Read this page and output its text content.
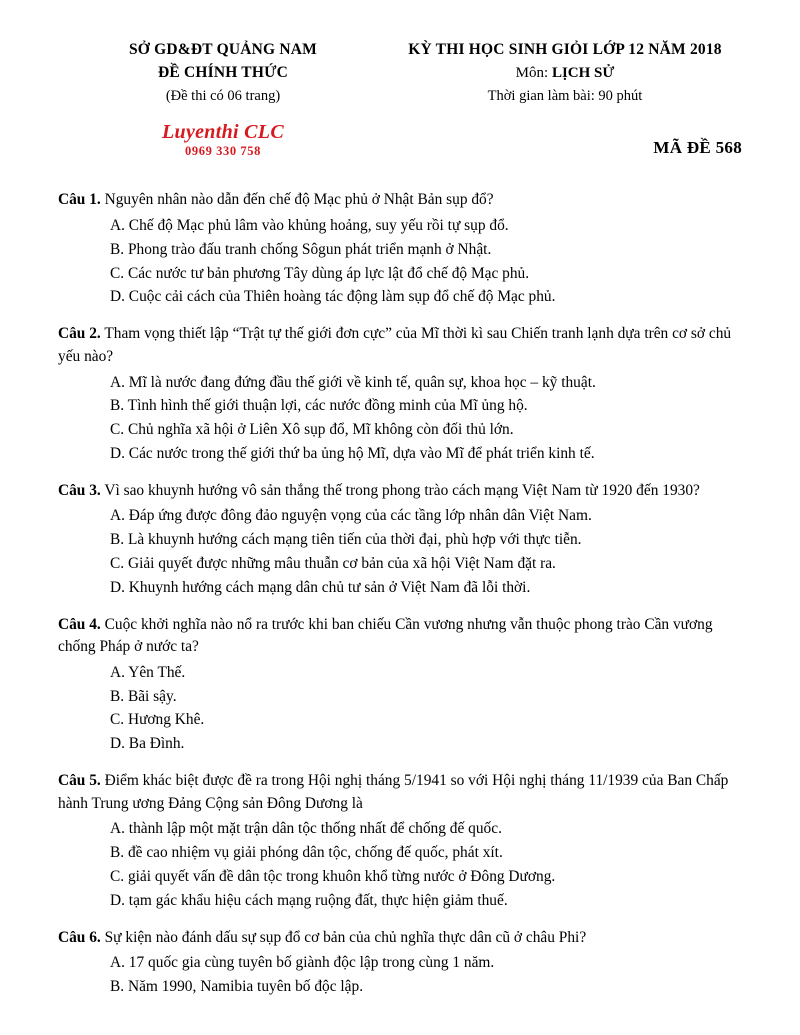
SỞ GD&ĐT QUẢNG NAM
ĐỀ CHÍNH THỨC
(Đề thi có 06 trang)
KỲ THI HỌC SINH GIỎI LỚP 12 NĂM 2018
Môn: LỊCH SỬ
Thời gian làm bài: 90 phút
Luyenthi CLC
0969 330 758	MÃ ĐỀ 568

Câu 1. Nguyên nhân nào dẫn đến chế độ Mạc phủ ở Nhật Bản sụp đổ?

A. Chế độ Mạc phủ lâm vào khủng hoảng, suy yếu rồi tự sụp đổ.

B. Phong trào đấu tranh chống Sôgun phát triển mạnh ở Nhật.

C. Các nước tư bản phương Tây dùng áp lực lật đổ chế độ Mạc phủ.

D. Cuộc cải cách của Thiên hoàng tác động làm sụp đổ chế độ Mạc phủ.

Câu 2. Tham vọng thiết lập “Trật tự thế giới đơn cực” của Mĩ thời kì sau Chiến tranh lạnh dựa trên cơ sở chủ yếu nào?

A. Mĩ là nước đang đứng đầu thế giới về kinh tế, quân sự, khoa học – kỹ thuật.

B. Tình hình thế giới thuận lợi, các nước đồng minh của Mĩ ủng hộ.

C. Chủ nghĩa xã hội ở Liên Xô sụp đổ, Mĩ không còn đối thủ lớn.

D. Các nước trong thế giới thứ ba ủng hộ Mĩ, dựa vào Mĩ để phát triển kinh tế.

Câu 3. Vì sao khuynh hướng vô sản thắng thế trong phong trào cách mạng Việt Nam từ 1920 đến 1930?

A. Đáp ứng được đông đảo nguyện vọng của các tầng lớp nhân dân Việt Nam.

B. Là khuynh hướng cách mạng tiên tiến của thời đại, phù hợp với thực tiễn.

C. Giải quyết được những mâu thuẫn cơ bản của xã hội Việt Nam đặt ra.

D. Khuynh hướng cách mạng dân chủ tư sản ở Việt Nam đã lỗi thời.

Câu 4. Cuộc khởi nghĩa nào nổ ra trước khi ban chiếu Cần vương nhưng vẫn thuộc phong trào Cần vương chống Pháp ở nước ta?

A. Yên Thế.

B. Bãi sậy.

C. Hương Khê.

D. Ba Đình.

Câu 5. Điểm khác biệt được đề ra trong Hội nghị tháng 5/1941 so với Hội nghị tháng 11/1939 của Ban Chấp hành Trung ương Đảng Cộng sản Đông Dương là

A. thành lập một mặt trận dân tộc thống nhất để chống đế quốc.

B. đề cao nhiệm vụ giải phóng dân tộc, chống đế quốc, phát xít.

C. giải quyết vấn đề dân tộc trong khuôn khổ từng nước ở Đông Dương.

D. tạm gác khẩu hiệu cách mạng ruộng đất, thực hiện giảm thuế.

Câu 6. Sự kiện nào đánh dấu sự sụp đổ cơ bản của chủ nghĩa thực dân cũ ở châu Phi?

A. 17 quốc gia cùng tuyên bố giành độc lập trong cùng 1 năm.

B. Năm 1990, Namibia tuyên bố độc lập.
